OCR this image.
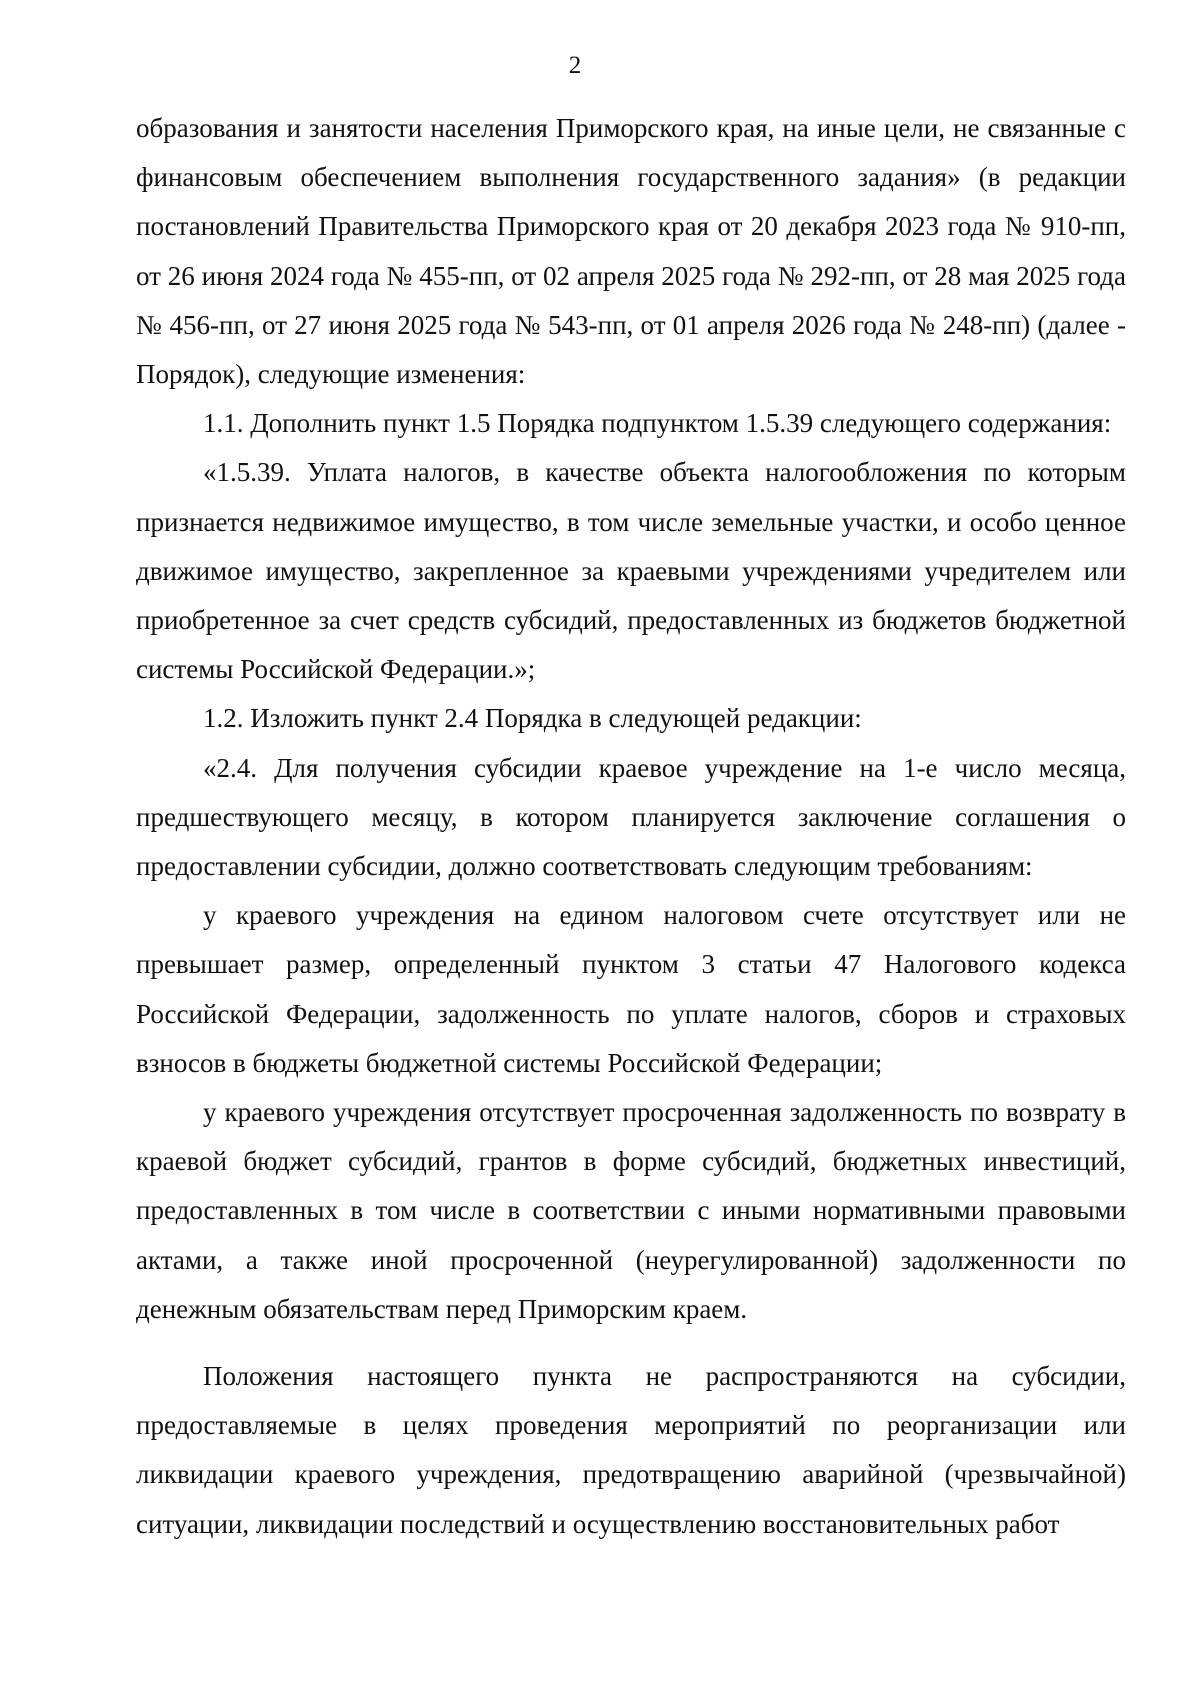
2

образования и занятости населения Приморского края, на иные цели, не связанные с финансовым обеспечением выполнения государственного задания» (в редакции постановлений Правительства Приморского края от 20 декабря 2023 года № 910-пп, от 26 июня 2024 года № 455-пп, от 02 апреля 2025 года № 292-пп, от 28 мая 2025 года № 456-пп, от 27 июня 2025 года № 543-пп, от 01 апреля 2026 года № 248-пп) (далее - Порядок), следующие изменения:

1.1. Дополнить пункт 1.5 Порядка подпунктом 1.5.39 следующего содержания:

«1.5.39. Уплата налогов, в качестве объекта налогообложения по которым признается недвижимое имущество, в том числе земельные участки, и особо ценное движимое имущество, закрепленное за краевыми учреждениями учредителем или приобретенное за счет средств субсидий, предоставленных из бюджетов бюджетной системы Российской Федерации.»;

1.2. Изложить пункт 2.4 Порядка в следующей редакции:

«2.4. Для получения субсидии краевое учреждение на 1-е число месяца, предшествующего месяцу, в котором планируется заключение соглашения о предоставлении субсидии, должно соответствовать следующим требованиям:

у краевого учреждения на едином налоговом счете отсутствует или не превышает размер, определенный пунктом 3 статьи 47 Налогового кодекса Российской Федерации, задолженность по уплате налогов, сборов и страховых взносов в бюджеты бюджетной системы Российской Федерации;

у краевого учреждения отсутствует просроченная задолженность по возврату в краевой бюджет субсидий, грантов в форме субсидий, бюджетных инвестиций, предоставленных в том числе в соответствии с иными нормативными правовыми актами, а также иной просроченной (неурегулированной) задолженности по денежным обязательствам перед Приморским краем.

Положения настоящего пункта не распространяются на субсидии, предоставляемые в целях проведения мероприятий по реорганизации или ликвидации краевого учреждения, предотвращению аварийной (чрезвычайной) ситуации, ликвидации последствий и осуществлению восстановительных работ
